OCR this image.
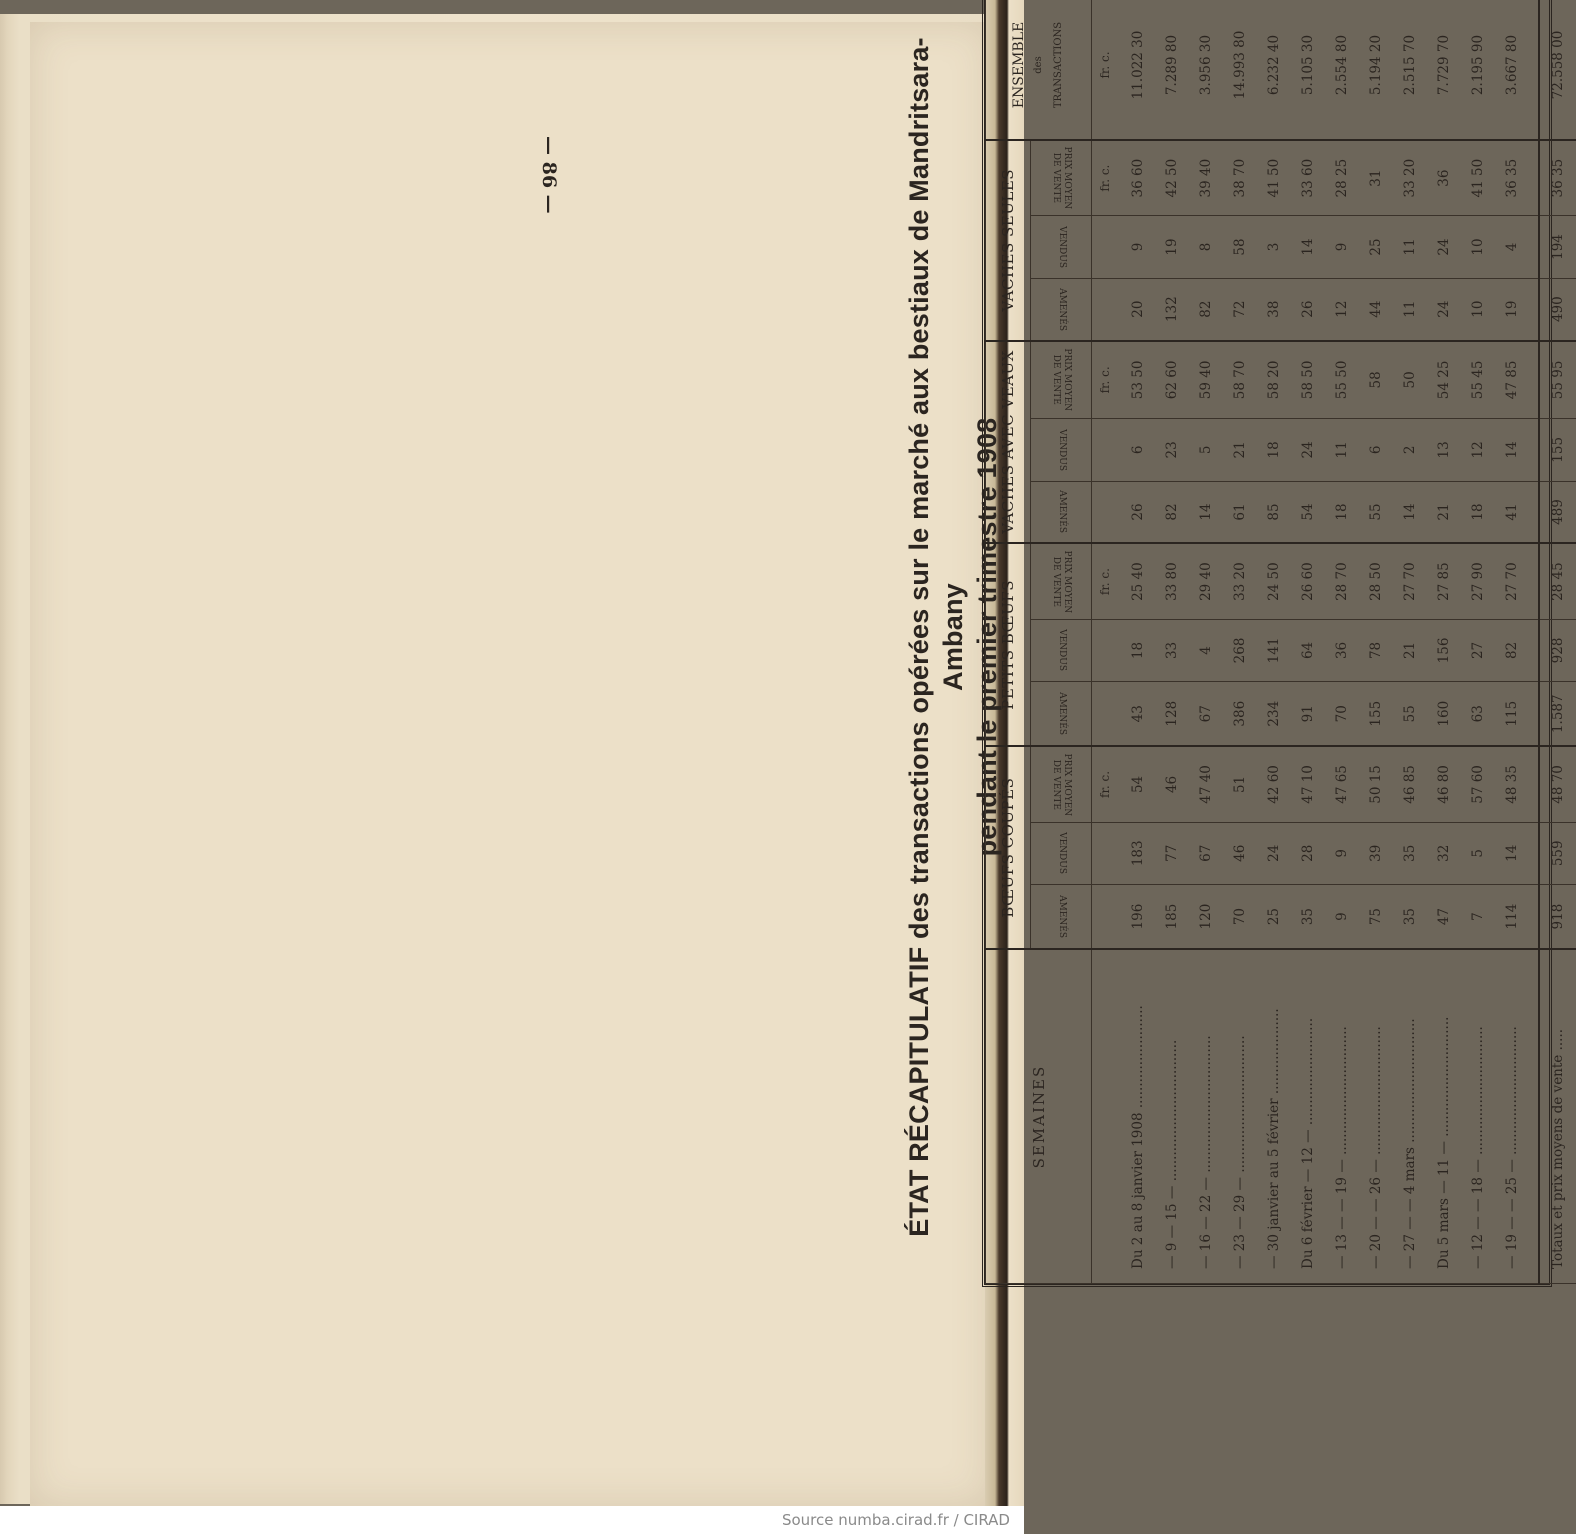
— 86 —	ÉTAT RÉCAPITULATIF des transactions opérées sur le marché aux bestiaux de Mandritsara-Ambany pendant le premier trimestre 1908
SEMAINES	BŒUFS COUPÉS			PETITS BŒUFS			VACHES AVEC VEAUX			VACHES SEULES			ENSEMBLE des TRANSACTIONS

	AMENÉS	VENDUS	PRIX MOYEN DE VENTE	AMENÉS	VENDUS	PRIX MOYEN DE VENTE	AMENÉS	VENDUS	PRIX MOYEN DE VENTE	AMENÉS	VENDUS	PRIX MOYEN DE VENTE	
			fr. c.			fr. c.			fr. c.			fr. c.	fr. c.
Du 2 au 8 janvier 1908 ........................	196	183	54	43	18	25 40	26	6	53 50	20	9	36 60	11.022 30
— 9 — 15 — .................................	185	77	46	128	33	33 80	82	23	62 60	132	19	42 50	7.289 80
— 16 — 22 — ................................	120	67	47 40	67	4	29 40	14	5	59 40	82	8	39 40	3.956 30
— 23 — 29 — ................................	70	46	51	386	268	33 20	61	21	58 70	72	58	38 70	14.993 80
— 30 janvier au 5 février ....................	25	24	42 60	234	141	24 50	85	18	58 20	38	3	41 50	6.232 40
Du 6 février — 12 — .........................	35	28	47 10	91	64	26 60	54	24	58 50	26	14	33 60	5.105 30
— 13 — — 19 — ..............................	9	9	47 65	70	36	28 70	18	11	55 50	12	9	28 25	2.554 80
— 20 — — 26 — ..............................	75	39	50 15	155	78	28 50	55	6	58	44	25	31	5.194 20
— 27 — — 4 mars .............................	35	35	46 85	55	21	27 70	14	2	50	11	11	33 20	2.515 70
Du 5 mars — 11 — ............................	47	32	46 80	160	156	27 85	21	13	54 25	24	24	36	7.729 70
— 12 — — 18 — ..............................	7	5	57 60	63	27	27 90	18	12	55 45	10	10	41 50	2.195 90
— 19 — — 25 — ..............................	114	14	48 35	115	82	27 70	41	14	47 85	19	4	36 35	3.667 80

Totaux et prix moyens de vente .....	918	559	48 70	1.587	928	28 45	489	155	55 95	490	194	36 35	72.558 00
Source numba.cirad.fr / CIRAD
